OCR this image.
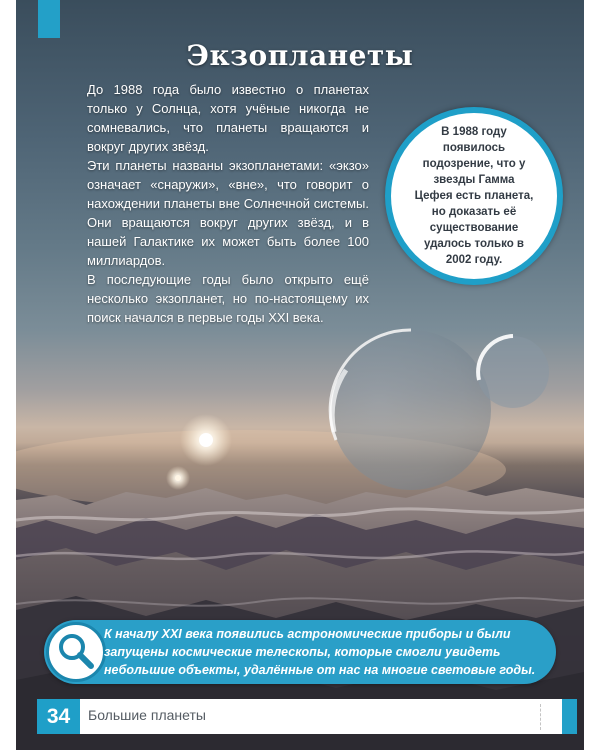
Экзопланеты

До 1988 года было известно о планетах только у Солнца, хотя учёные никогда не сомневались, что планеты вращаются и вокруг других звёзд.

Эти планеты названы экзопланетами: «экзо» означает «снаружи», «вне», что говорит о нахождении планеты вне Солнечной системы. Они вращаются вокруг других звёзд, и в нашей Галактике их может быть более 100 миллиардов.

В последующие годы было открыто ещё несколько экзопланет, но по-настоящему их поиск начался в первые годы XXI века.

В 1988 году появилось подозрение, что у звезды Гамма Цефея есть планета, но доказать её существование удалось только в 2002 году.
К началу XXI века появились астрономические приборы и были запущены космические телескопы, которые смогли увидеть небольшие объекты, удалённые от нас на многие световые годы.
34	Большие планеты
